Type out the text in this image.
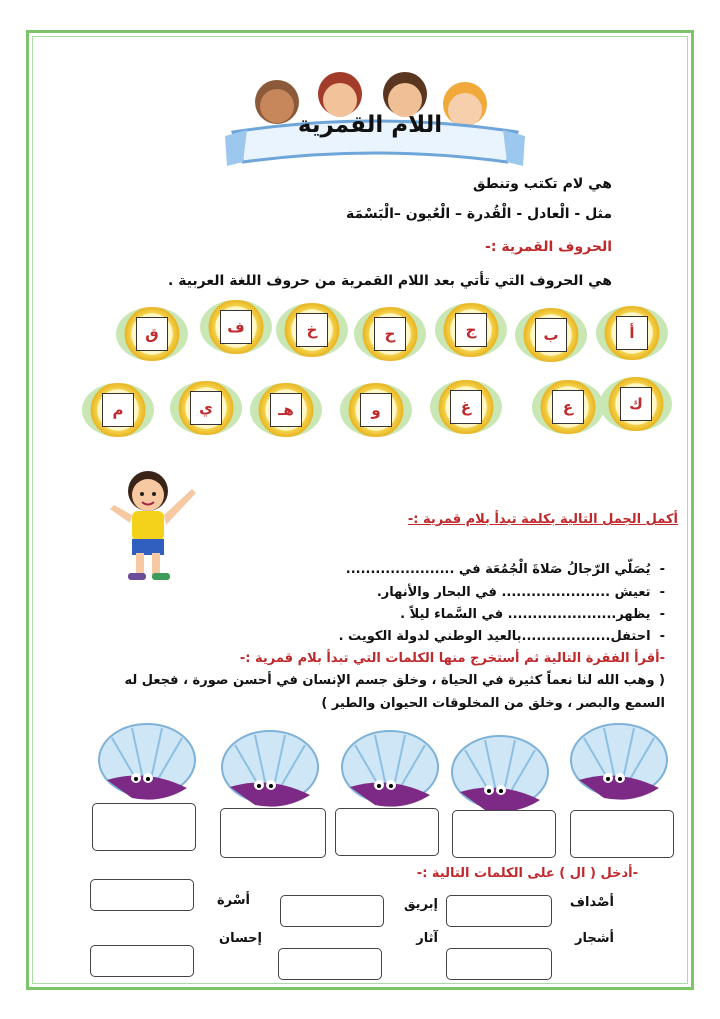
اللام القمرية
هي لام تكتب وتنطق
مثل - الْعادل - الْقُدرة – الْعُيون –الْبَسْمَة
الحروف القمرية :-
هي الحروف التي تأتي بعد اللام القمرية من حروف اللغة العربية .
أ
ب
ج
ح
خ
ف
ق
ك
ع
غ
و
هـ
ي
م
أكمل الجمل التالية بكلمة تبدأ بلام قمرية :-
-  يُصَلّي الرّجالُ صَلاةَ الْجُمُعَة في ......................
-  تعيش ...................... في البحار والأنهار.
-  يظهر...................... في السَّماء ليلاً .
-  احتفل..................بالعيد الوطني لدولة الكويت .
-أقرأ الفقرة التالية ثم أستخرج منها الكلمات التي تبدأ بلام قمرية :-
( وهب الله لنا نعماً كثيرة في الحياة ، وخلق جسم الإنسان في أحسن صورة ، فجعل له
السمع والبصر ، وخلق من المخلوقات الحيوان والطير )
-أدخل ( ال ) على الكلمات التالية :-
أصْداف
إبريق
أسْرة
أشجار
آثار
إحسان
